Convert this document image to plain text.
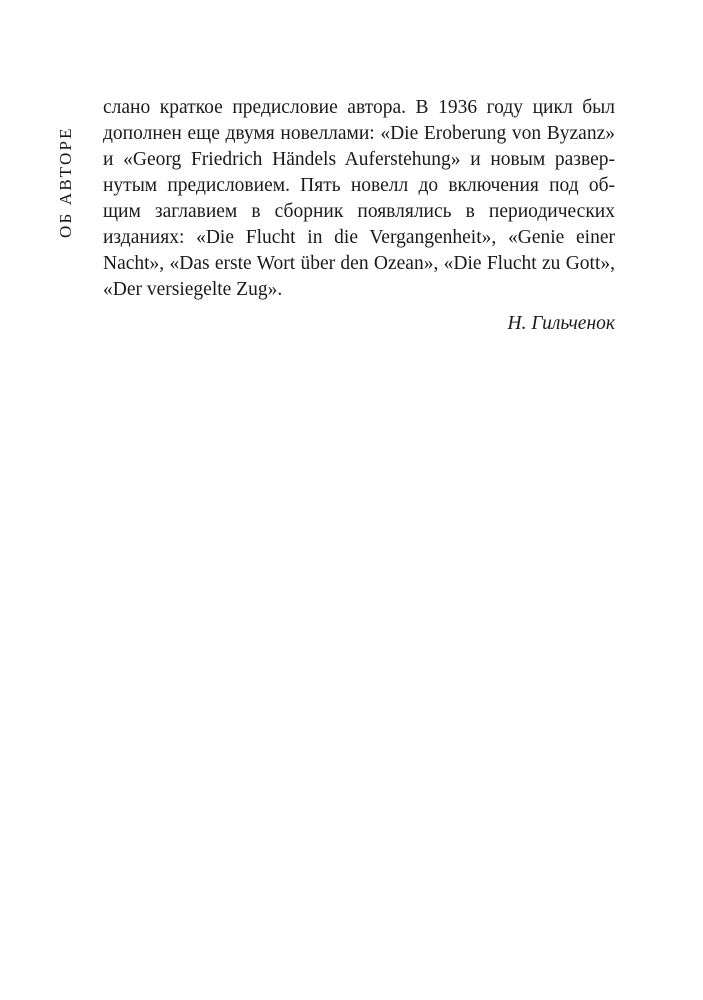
ОБ АВТОРЕ
слано краткое предисловие автора. В 1936 году цикл был
дополнен еще двумя новеллами: «Die Eroberung von Byzanz»
и «Georg Friedrich Händels Auferstehung» и новым развер-
нутым предисловием. Пять новелл до включения под об-
щим заглавием в сборник появлялись в периодических
изданиях: «Die Flucht in die Vergangenheit», «Genie einer
Nacht», «Das erste Wort über den Ozean», «Die Flucht zu Gott»,
«Der versiegelte Zug».
Н. Гильченок
